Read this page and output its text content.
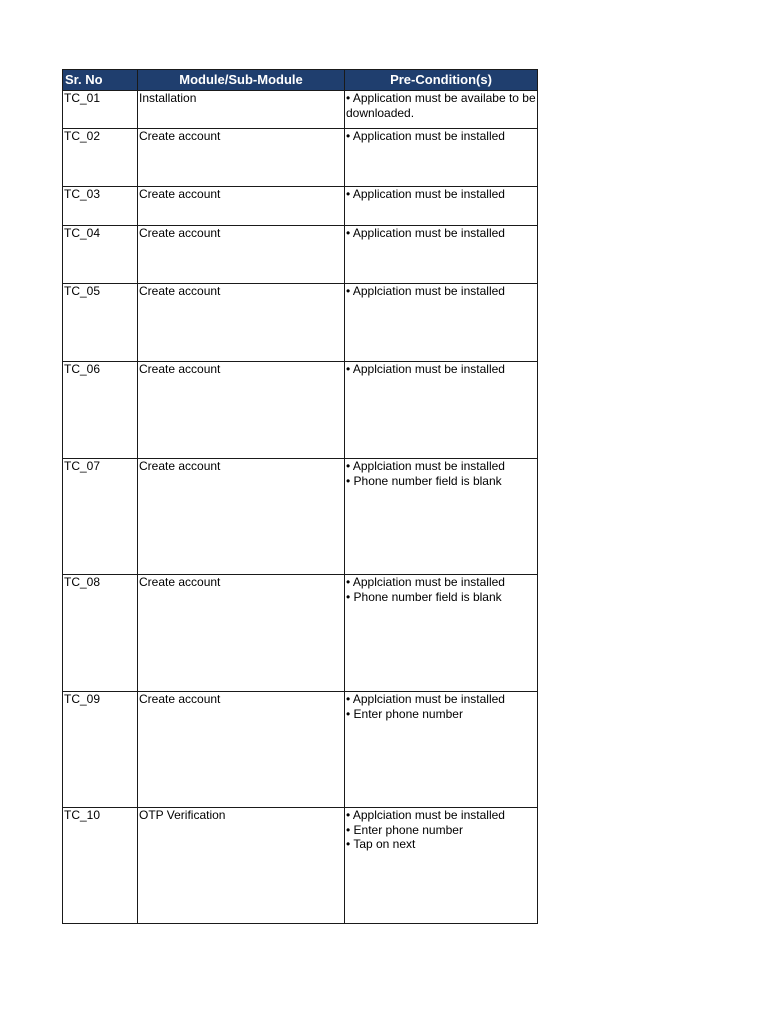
Sr. No	Module/Sub-Module	Pre-Condition(s)
TC_01	Installation	• Application must be availabe to be downloaded.

TC_02	Create account	• Application must be installed

TC_03	Create account	• Application must be installed

TC_04	Create account	• Application must be installed

TC_05	Create account	• Applciation must be installed

TC_06	Create account	• Applciation must be installed

TC_07	Create account	• Applciation must be installed
• Phone number field is blank

TC_08	Create account	• Applciation must be installed
• Phone number field is blank

TC_09	Create account	• Applciation must be installed
• Enter phone number

TC_10	OTP Verification	• Applciation must be installed
• Enter phone number
• Tap on next
